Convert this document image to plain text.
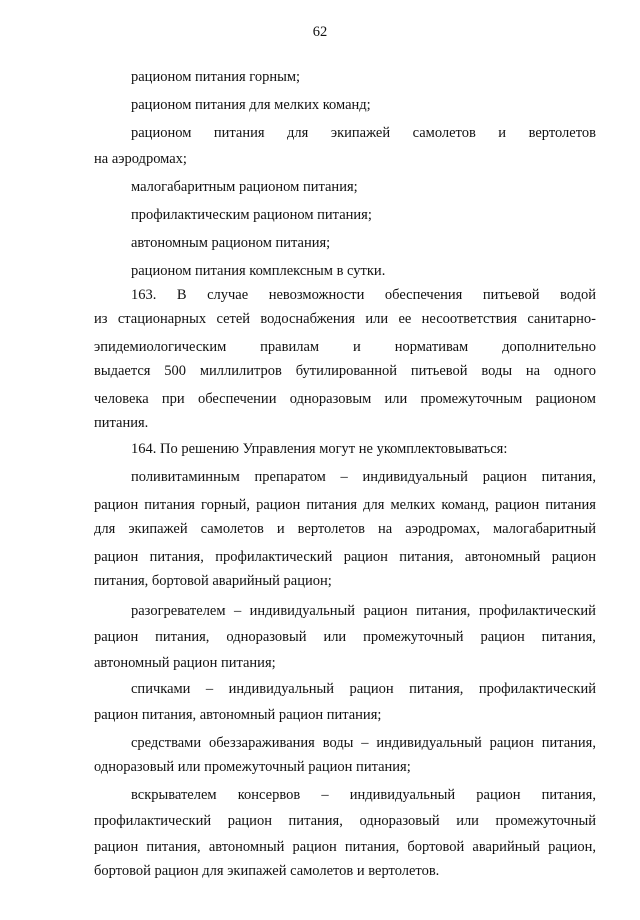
62
рационом питания горным;
рационом питания для мелких команд;
рационом питания для экипажей самолетов и вертолетов
на аэродромах;
малогабаритным рационом питания;
профилактическим рационом питания;
автономным рационом питания;
рационом питания комплексным в сутки.
163. В случае невозможности обеспечения питьевой водой
из стационарных сетей водоснабжения или ее несоответствия санитарно-
эпидемиологическим правилам и нормативам дополнительно
выдается 500 миллилитров бутилированной питьевой воды на одного
человека при обеспечении одноразовым или промежуточным рационом
питания.
164. По решению Управления могут не укомплектовываться:
поливитаминным препаратом – индивидуальный рацион питания,
рацион питания горный, рацион питания для мелких команд, рацион питания
для экипажей самолетов и вертолетов на аэродромах, малогабаритный
рацион питания, профилактический рацион питания, автономный рацион
питания, бортовой аварийный рацион;
разогревателем – индивидуальный рацион питания, профилактический
рацион питания, одноразовый или промежуточный рацион питания,
автономный рацион питания;
спичками – индивидуальный рацион питания, профилактический
рацион питания, автономный рацион питания;
средствами обеззараживания воды – индивидуальный рацион питания,
одноразовый или промежуточный рацион питания;
вскрывателем консервов – индивидуальный рацион питания,
профилактический рацион питания, одноразовый или промежуточный
рацион питания, автономный рацион питания, бортовой аварийный рацион,
бортовой рацион для экипажей самолетов и вертолетов.
